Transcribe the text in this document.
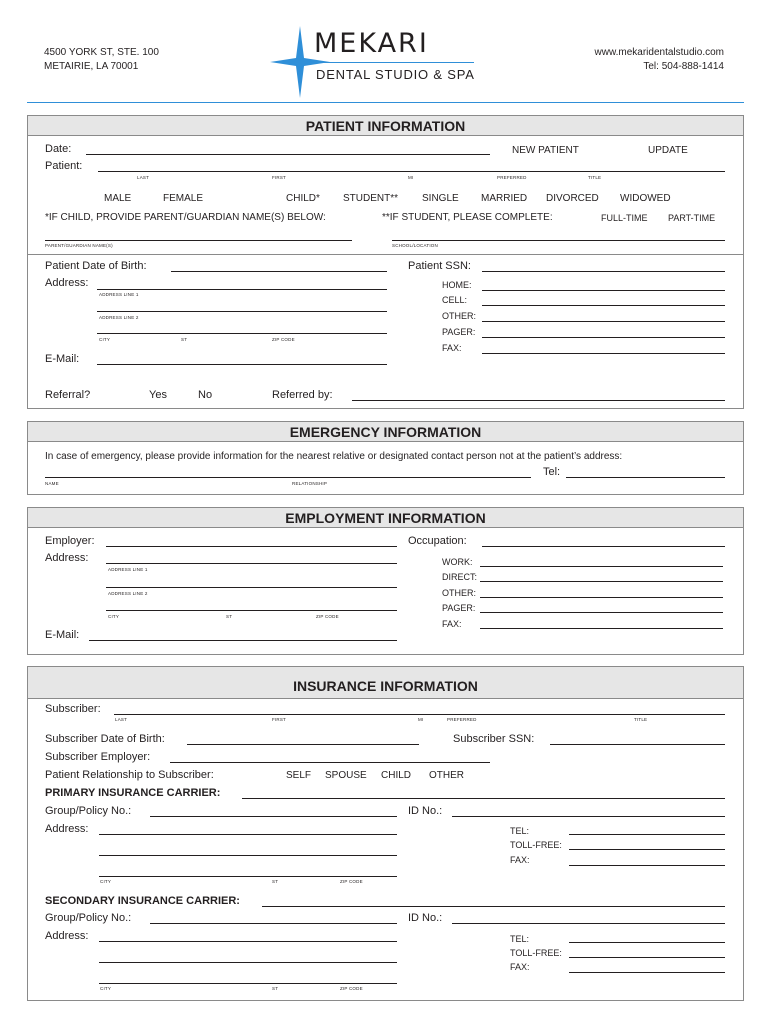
4500 YORK ST, STE. 100
METAIRIE, LA 70001
MEKARI
DENTAL STUDIO & SPA
www.mekaridentalstudio.com
Tel: 504-888-1414
PATIENT INFORMATION
Date:	NEW PATIENT	UPDATE
Patient:
LAST	FIRST	MI	PREFERRED	TITLE
MALE	FEMALE	CHILD* STUDENT** SINGLE MARRIED DIVORCED WIDOWED
*IF CHILD, PROVIDE PARENT/GUARDIAN NAME(S) BELOW:	**IF STUDENT, PLEASE COMPLETE:	FULL-TIME PART-TIME
PARENT/GUARDIAN NAME(S)	SCHOOL/LOCATION
Patient Date of Birth:	Patient SSN:
Address:
ADDRESS LINE 1
ADDRESS LINE 2
CITY	ST	ZIP CODE
HOME:
CELL:
OTHER:
PAGER:
FAX:
E-Mail:
Referral?	Yes	No	Referred by:
EMERGENCY INFORMATION
In case of emergency, please provide information for the nearest relative or designated contact person not at the patient’s address:
NAME	RELATIONSHIP
Tel:
EMPLOYMENT INFORMATION
Employer:	Occupation:
Address:
ADDRESS LINE 1
ADDRESS LINE 2
CITY	ST	ZIP CODE
WORK:
DIRECT:
OTHER:
PAGER:
FAX:
E-Mail:
INSURANCE INFORMATION
Subscriber:
LAST	FIRST	MI	PREFERRED	TITLE
Subscriber Date of Birth:	Subscriber SSN:
Subscriber Employer:
Patient Relationship to Subscriber:	SELF SPOUSE CHILD OTHER
PRIMARY INSURANCE CARRIER:
Group/Policy No.:	ID No.:
Address:
CITY	ST	ZIP CODE
TEL:
TOLL-FREE:
FAX:
SECONDARY INSURANCE CARRIER:
Group/Policy No.:	ID No.:
Address:
CITY	ST	ZIP CODE
TEL:
TOLL-FREE:
FAX:
